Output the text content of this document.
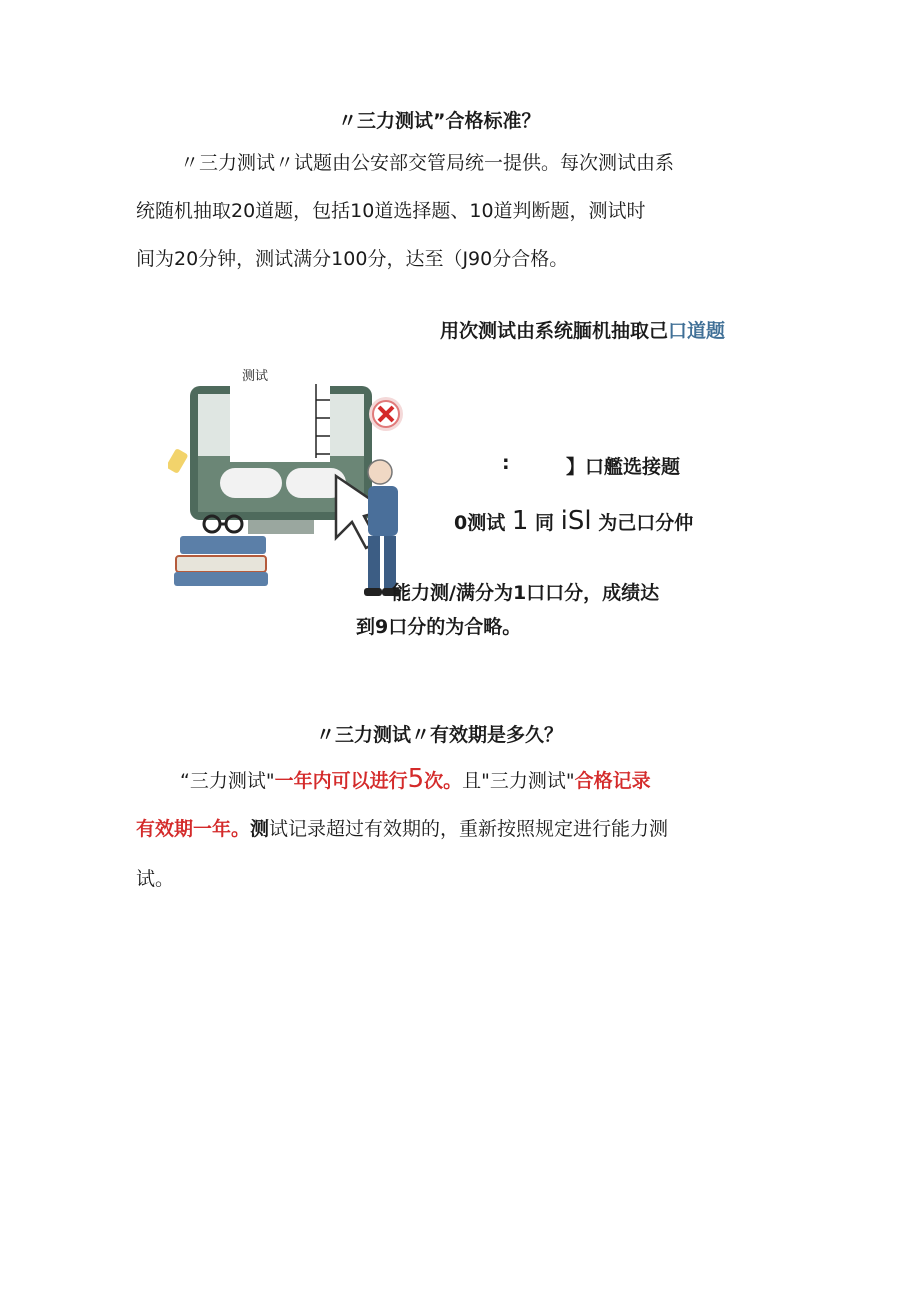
〃三力测试”合格标准？
〃三力测试〃试题由公安部交管局统一提供。每次测试由系
统随机抽取20道题，包括10道选择题、10道判断题，测试时
间为20分钟，测试满分100分，达至（J90分合格。
用次测试由系统腼机抽取己口道题
测试
:	】口艦选接题
0测试 1 同 iSl 为己口分仲
能力测/满分为1口口分，成绩达
到9口分的为合略。
〃三力测试〃有效期是多久？
“三力测试"一年内可以进行5次。且"三力测试"合格记录
有效期一年。测试记录超过有效期的，重新按照规定进行能力测
试。
